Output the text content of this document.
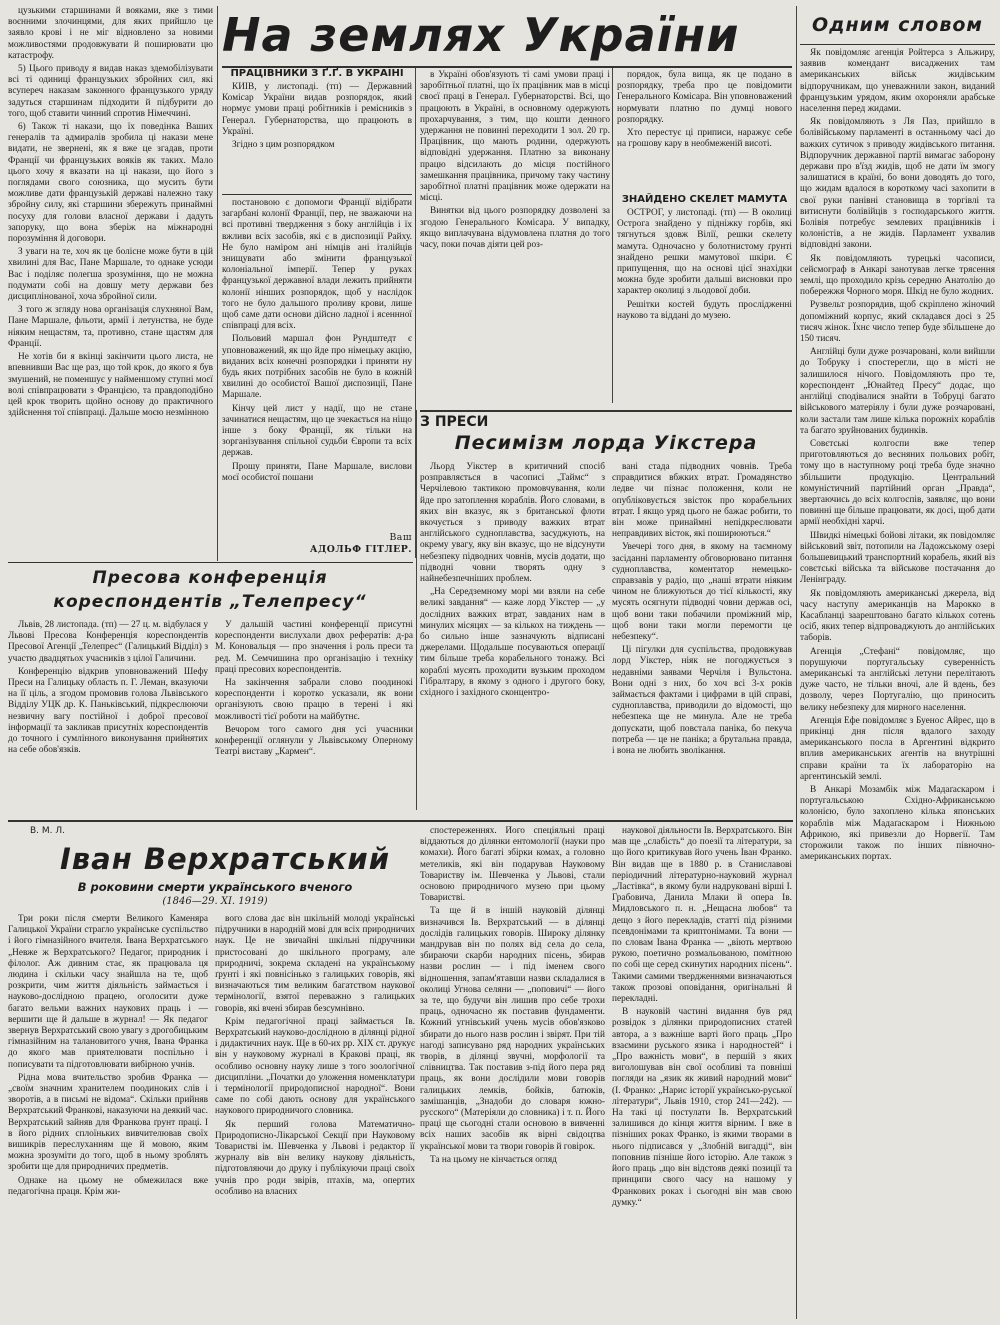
цузькими старшинами й вояками, яке з тими воєнними злочинцями, для яких прийшло це заявло крові і не міг відновлено за новими можливостями продовжувати й поширювати цю катастрофу.

5) Цього приводу я видав наказ здемобілізувати всі ті одиниці французьких збройних сил, які всупереч наказам законного французького уряду задуться старшинам підходити й підбурити до того, щоб ставити чинний спротив Німеччині.

6) Також ті накази, що їх поведінка Ваших генералів та адмиралів зробила ці накази мене видати, не звернені, як я вже це згадав, проти Франції чи французьких вояків як таких. Мало цього хочу я вказати на ці накази, що його з поглядами свого союзника, що мусить бути можливе дати французькій державі належно таку збройну силу, які старшини збережуть принаймні посуху для голови власної держави і дадуть запоруку, що вона зберіж на міжнародні порозуміння й договори.

З уваги на те, хоч як це болісне може бути в цій хвилині для Вас, Пане Маршале, то однаке усюди Вас і поділяє полегша зрозуміння, що не можна подумати собі на довшу мету держави без дисциплінованої, хоча збройної сили.

З того ж згляду нова організація слухняної Вам, Пане Маршале, фльоти, армії і летунства, не буде ніяким нещастям, та, противно, стане щастям для Франції.

Не хотів би я вкінці закінчити цього листа, не впевнивши Вас ще раз, що той крок, до якого я був змушений, не поменшує у найменшому ступні моєї волі співпрацювати з Францією, та правдоподібно цей крок творить щойно основу до практичного здійснення тої співпраці. Дальше моєю незмінною

На землях України
ПРАЦІВНИКИ З Ґ.Ґ. В УКРАЇНІ

КИЇВ, у листопаді. (тп) — Державний Комісар України видав розпорядок, який нормує умови праці робітників і ремісників з Генерал. Губернаторства, що працюють в Україні.

Згідно з цим розпорядком

в Україні обов'язують ті самі умови праці і заробітньої платні, що їх працівник мав в місці своєї праці в Генерал. Губернаторстві. Всі, що працюють в Україні, в основному одержують прохарчування, з тим, що кошти денного удержання не повинні переходити 1 зол. 20 гр. Працівник, що мають родини, одержують відповідні удержання. Платню за виконану працю відсилають до місця постійного замешкання працівника, причому таку частину заробітної платні працівник може одержати на місці.

Винятки від цього розпорядку дозволені за згодою Генерального Комісара. У випадку, якщо виплачувана відумовлена платня до того часу, поки почав діяти цей роз-

порядок, була вища, як це подано в розпорядку, треба про це повідомити Генерального Комісара. Він уповноважений нормувати платню по думці нового розпорядку.

Хто перестує ці приписи, наражує себе на грошову кару в необмеженій висоті.

ЗНАЙДЕНО СКЕЛЕТ МАМУТА

ОСТРОГ, у листопаді. (тп) — В околиці Острога знайдено у підніжку горбів, які тягнуться здовж Вілії, решки скелету мамута. Одночасно у болотнистому ґрунті знайдено решки мамутової шкіри. Є припущення, що на основі цієї знахідки можна буде зробити дальші висновки про характер околиці з льодової доби.

Решітки костей будуть прослідженні науково та віддані до музею.

постановою є допомоги Франції відібрати загарбані колонії Франції, пер, не зважаючи на всі противні твердження з боку англійців і їх вжливи всіх засобів, які є в диспозиції Райху. Не було наміром ані німців ані італійців знищувати або змінити французької колоніальної імперії. Тепер у руках французької державної влади лежить прийняти колонії нінших розпорядок, щоб у наслідок того не було дальшого проливу крови, лише щоб саме дати основи дійсно ладної і ясеннної співпраці для всіх.

Польовий маршал фон Рундштедт є уповноважений, як що йде про німецьку акцію, виданих всіх конечні розпорядки і приняти ну будь яких потрібних засобів не було в кожній хвилині до особистої Вашої диспозиції, Пане Маршале.

Кінчу цей лист у надії, що не стане зачинатися нещастям, що це зчекається на ніщо інше з боку Франції, як тільки на зорганізування спільної судьби Європи та всіх держав.

Прошу приняти, Пане Маршале, вислови моєї особистої пошани

Ваш
АДОЛЬФ ГІТЛЕР.
З ПРЕСИ
Песимізм лорда Уікстера

Льорд Уікстер в критичний спосіб розправляється в часописі „Таймс“ з Черчілевою тактикою промовчування, коли йде про затоплення кораблів. Його словами, в яких він вказує, як з британської флоти вкочується з приводу важких втрат англійського судноплавства, засуджують, на окрему увагу, яку він вказує, що не відсунути небезпеку підводних човнів, мусів додати, що підводні човни творять одну з найнебезпечніших проблем.

„На Середземному морі ми взяли на себе великі завдання“ — каже лорд Уікстер — „у дослідних важких втрат, завданих нам в минулих місяцях — за кількох на тиждень — бо сильно інше зазначують відписані джерелами. Щодальше посуваються операції тим більше треба корабельного тонажу. Всі кораблі мусять проходити вузьким проходом Гібралтару, в якому з одного і другого боку, східного і західного сконцентро-

вані стада підводних човнів. Треба справдитися вбжких втрат. Громадянство ледве чи пізнає положення, коли не опубліковується звісток про корабельних втрат. І якщо уряд цього не бажає робити, то він може принаймні непідкреслювати неправдивих вісток, які поширюються.“

Увечері того дня, в якому на таємному засіданні парламенту обговорювано питання судноплавства, коментатор немецько-справзавів у радіо, що „наші втрати ніяким чином не ближуються до тієї кількості, яку мусять осягнути підводні човни держав осі, щоб вони таки побачили проміжний мір, щоб вони таки могли перемогти це небезпеку“.

Ці пігулки для суспільства, продовжував лорд Уікстер, ніяк не погоджується з недавніми заявами Черчіля і Вульстона. Вони одні з них, бо хоч всі 3-х років займається фактами і цифрами в цій справі, судноплавства, приводили до відомості, що небезпека ще не минула. Але не треба допускати, щоб повстала паніка, бо пекуча потреба — це не паніка; а брутальна правда, і вона не любить зволікання.

Пресова конференція кореспондентів „Телепресу“

Львів, 28 листопада. (тп) — 27 ц. м. відбулася у Львові Пресова Конференція кореспондентів Пресової Агенції „Телепрес“ (Галицький Відділ) з участю двадцятьох учасників з цілої Галичини.

Конференцію відкрив уповноважений Шефу Преси на Галицьку область п. Г. Леман, вказуючи на її ціль, а згодом промовив голова Львівського Відділу УЦК др. К. Паньківський, підкреслюючи незвичну вагу постійної і доброї пресової інформації та закликав присутніх кореспондентів до точного і сумлінного виконування прийнятих на себе обов'язків.

У дальшій частині конференції присутні кореспонденти вислухали двох рефератів: д-ра М. Коновальця — про значення і роль преси та ред. М. Семчишина про організацію і техніку праці пресових кореспондентів.

На закінчення забрали слово поодинокі кореспонденти і коротко усказали, як вони організують свою працю в терені і які можливості тієї роботи на майбутнє.

Вечором того самого дня усі учасники конференції оглянули у Львівському Оперному Театрі виставу „Кармен“.

В. М. Л.
Іван Верхратський
В роковини смерти українського вченого
(1846—29. XI. 1919)

Три роки після смерти Великого Каменяра Галицької України страгло українське суспільство і його гімназійного вчителя. Івана Верхратського „Невже ж Верхратського? Педагог, природник і філолог. Аж дивним стає, як працювала ця людина і скільки часу знайшла на те, щоб розкрити, чим життя діяльність займається і науково-дослідною працею, оголосити дуже багато вельми важних наукових праць і — вершити ще й дальше в журнал! — Як педагог звернув Верхратський свою увагу з дрогобицьким гімназійним на талановитого учня, Івана Франка до якого мав приятелювати поспільно і пописувати та підготовлювати вибірною учнів.

Рідна мова вчительство зробив Франка — „своїм значним хранителем поодиноких слів і зворотів, а в письмі не відома“. Скільки прийняв Верхратський Франкові, наказуючи на деякий час. Верхратський зайняв для Франкова ґрунт праці. І в його рідних сплоїньких вивчителював своїх вишикрів переслуханням ще й мовою, яким можна зрозуміти до того, щоб в ньому зроблять зробити ще для природничих предметів.

Однаке на цьому не обмежилася вже педагогічна праця. Крім жи-

вого слова дає він шкільній молоді українські підручники в народній мові для всіх природничих наук. Це не звичайні шкільні підручники пристосовані до шкільного програму, але природничі, зокрема складені на українському ґрунті і які повнісінько з галицьких говорів, які визначаються тим великим багатством наукової термінології, взятої переважно з галицьких говорів, які вчені збирав безсумнівно.

Крім педагогічної праці займається Ів. Верхратський науково-дослідною в ділянці рідної і дидактичних наук. Ще в 60-их рр. XIX ст. друкує він у науковому журналі в Кракові праці, як особливо основну науку лише з того зоологічної дисципліни. „Початки до уложення номенклатури і термінології природописної народної“. Вони саме по собі дають основу для українського наукового природничого словника.

Як перший голова Математично-Природописно-Лікарської Секції при Науковому Товаристві ім. Шевченка у Львові і редактор її журналу вів він велику наукову діяльність, підготовляючи до друку і публікуючи праці своїх учнів про роди звірів, птахів, ма, опертих особливо на власних

спостереженнях. Його спеціяльні праці віддаються до ділянки ентомології (науки про комахи). Його багаті збірки комах, а головно метеликів, які він подарував Науковому Товариству ім. Шевченка у Львові, стали основою природничого музею при цьому Товаристві.

Та ще й в іншій науковій ділянці визначився Ів. Верхратський — в ділянці дослідів галицьких говорів. Широку ділянку мандрував він по полях від села до села, збираючи скарби народних пісень, збирав назви рослин — і під іменем свого відношення, запам'ятавши назви складалися в околиці Угнова селяни — „поповичі“ — його за те, що будучи він лишив про себе трохи праць, одночасно як поставив фундаменти. Кожний угнівський учень мусів обов'язково збирати до нього назв рослин і звірят. При тій нагоді записувано ряд народних українських творів, в ділянці звучні, морфології та слівництва. Так поставив з-під його пера ряд праць, як вони дослідили мови говорів галицьких лемків, бойків, батюків, замішанців, „Знадоби до словаря южно-русского“ (Матеріяли до словника) і т. п. Його праці ще сьогодні стали основою в вивченні всіх наших засобів як вірні свідоцтва української мови та твори говорів й говірок.

Та на цьому не кінчається огляд

наукової діяльности Ів. Верхратського. Він мав ще „слабість“ до поезії та літератури, за що його критикував його учень Іван Франко. Він видав ще в 1880 р. в Станиславові періодичний літературно-науковий журнал „Ластівка“, в якому були надруковані вірші І. Грабовича, Данила Млаки й опера Ів. Мидловського п. н. „Нещасна любов“ та дещо з його перекладів, статті під різними псевдонімами та криптонімами. Та вони — по словам Івана Франка — „віють мертвою рукою, поетично розмальованою, помітною по собі ще серед скинутих народних пісень“. Такими самими твердженнями визначаються також прозові оповідання, оригінальні й перекладні.

В науковій частині видання був ряд розвідок з ділянки природописних статей автора, а з важніше варті його праць „Про взаємини руського язика і народностей“ і „Про важність мови“, в першій з яких виголошував він свої особливі та повніші погляди на „язик як живий народний мови“ (І. Франко: „Нарис історії українсько-руської літератури“, Львів 1910, стор 241—242). — На такі ці постулати Ів. Верхратський залишився до кінця життя вірним. І вже в пізніших роках Франко, із якими творами в нього підписався у „Злобній вигадці“, він поповнив пізніше його історію. Але також з його праць „що він відстояв деякі позиції та принципи свого часу на нашому у Франкових роках і сьогодні він мав свою думку.“

Одним словом

Як повідомляє агенція Ройтерса з Альжиру, заявив комендант висаджених там американських військ жидівським відпоручникам, що уневажнили закон, виданий французьким урядом, яким охороняли арабське населення перед жидами.

Як повідомляють з Ля Паз, прийшло в болівійському парламенті в останньому часі до важких сутичок з приводу жидівського питання. Відпоручник державної партії вимагає заборону держави про в'їзд жидів, щоб не дати їм змогу залишатися в країні, бо вони доводять до того, що жидам вдалося в короткому часі захопити в свої руки панівні становища в торгівлі та витиснути болівійців з господарського життя. Болівія потребує землевих працівників і колоністів, а не жидів. Парламент ухвалив відповідні закони.

Як повідомляють турецькі часописи, сейсмограф в Анкарі занотував легке трясення землі, що проходило крізь середню Анатолію до побережжя Чорного моря. Шкід не було жодних.

Рузвельт розпорядив, щоб скріплено жіночий допоміжний корпус, який складався досі з 25 тисяч жінок. Їхнє число тепер буде збільшене до 150 тисяч.

Англійці були дуже розчаровані, коли вийшли до Тобруку і спостерегли, що в місті не залишилося нічого. Повідомляють про те, кореспондент „Юнайтед Пресу“ додає, що англійці сподівалися знайти в Тобруці багато військового матеріялу і були дуже розчаровані, коли застали там лише кілька порожніх кораблів та багато зруйнованих будинків.

Совєтські колгоспи вже тепер приготовляються до весняних польових робіт, тому що в наступному році треба буде значно збільшити продукцію. Центральний комуністичний партійний орган „Правда“, звертаючись до всіх колгоспів, заявляє, що вони повинні ще більше працювати, як досі, щоб дати армії необхідні харчі.

Швидкі німецькі бойові літаки, як повідомляє військовий звіт, потопили на Ладожському озері большевицький транспортний корабель, який віз совєтські війська та військове постачання до Ленінграду.

Як повідомляють американські джерела, від часу наступу американців на Марокко в Касабланці заарештовано багато кількох сотень осіб, яких тепер відпроваджують до англійських таборів.

Агенція „Стефані“ повідомляє, що порушуючи португальську суверенність американські та англійські летуни перелітають дуже часто, не тільки вночі, але й вдень, без дозволу, через Португалію, що приносить велику небезпеку для мирного населення.

Агенція Ефе повідомляє з Буенос Айрес, що в прикінці дня після вдалого заходу американського посла в Аргентині відкрито вплив американських агентів на внутрішні справи країни та їх лабораторію на аргентинській землі.

В Анкарі Мозамбік між Мадаґаскаром і португальською Східно-Африканською колонією, було захоплено кілька японських кораблів між Мадаґаскаром і Нижньою Африкою, які привезли до Норвегії. Там сторожили також по інших півночно-американських портах.
